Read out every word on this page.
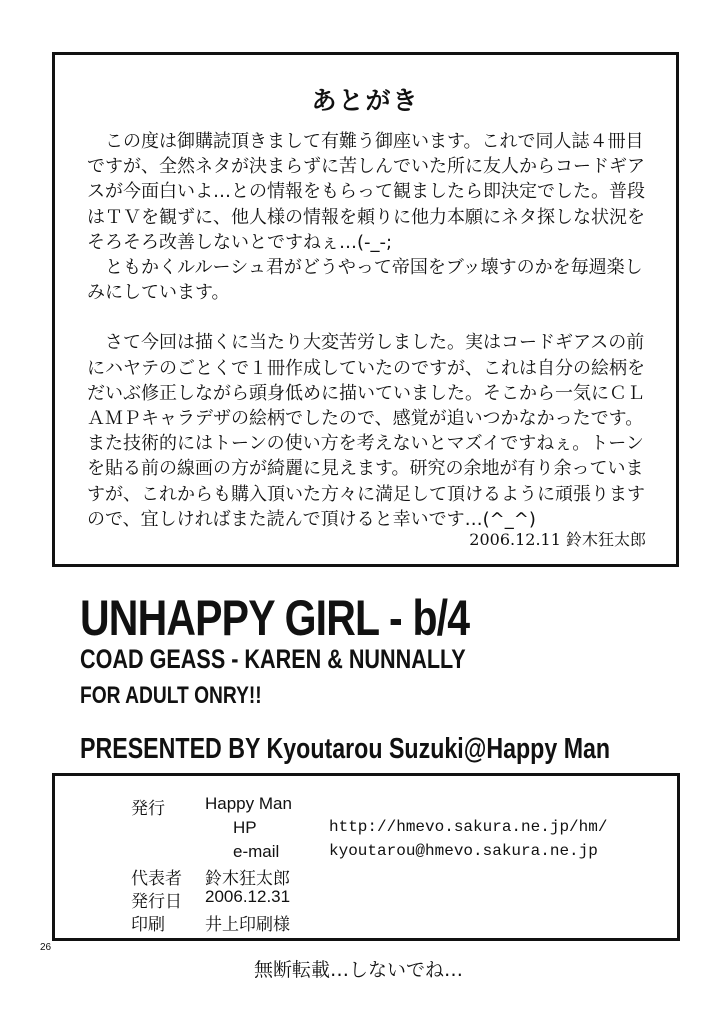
あとがき

この度は御購読頂きまして有難う御座います。これで同人誌４冊目ですが、全然ネタが決まらずに苦しんでいた所に友人からコードギアスが今面白いよ…との情報をもらって観ましたら即決定でした。普段はＴＶを観ずに、他人様の情報を頼りに他力本願にネタ探しな状況をそろそろ改善しないとですねぇ…(-_-;

ともかくルルーシュ君がどうやって帝国をブッ壊すのかを毎週楽しみにしています。

さて今回は描くに当たり大変苦労しました。実はコードギアスの前にハヤテのごとくで１冊作成していたのですが、これは自分の絵柄をだいぶ修正しながら頭身低めに描いていました。そこから一気にＣＬＡＭＰキャラデザの絵柄でしたので、感覚が追いつかなかったです。また技術的にはトーンの使い方を考えないとマズイですねぇ。トーンを貼る前の線画の方が綺麗に見えます。研究の余地が有り余っていますが、これからも購入頂いた方々に満足して頂けるように頑張りますので、宜しければまた読んで頂けると幸いです…(^_^)

2006.12.11 鈴木狂太郎
UNHAPPY GIRL - b/4
COAD GEASS - KAREN & NUNNALLY
FOR ADULT ONRY!!
PRESENTED BY Kyoutarou Suzuki@Happy Man
発行 Happy Man
HP	http://hmevo.sakura.ne.jp/hm/
e-mail	kyoutarou@hmevo.sakura.ne.jp
代表者 鈴木狂太郎
発行日 2006.12.31
印刷 井上印刷様
26
無断転載…しないでね…
